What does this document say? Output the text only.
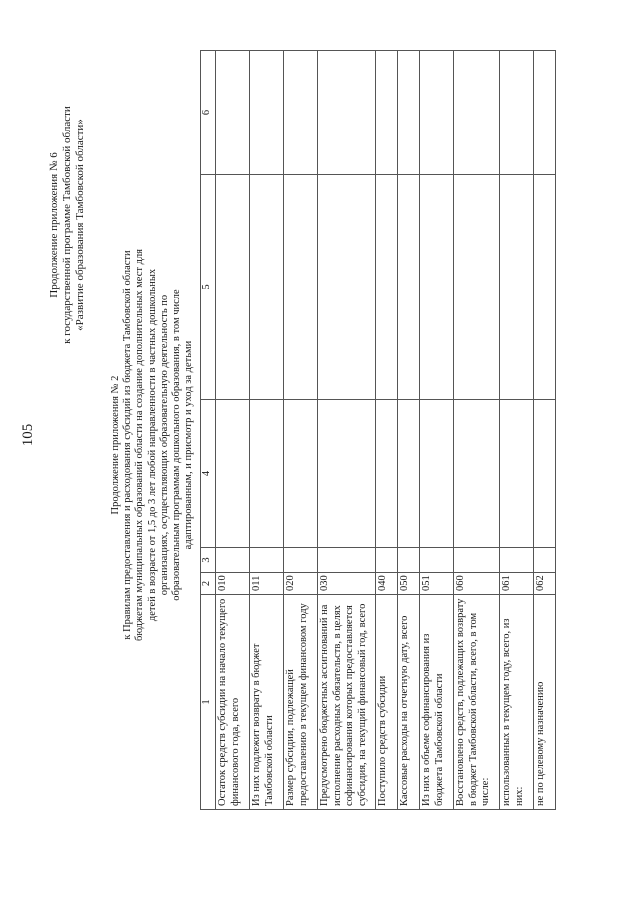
105
Продолжение приложения № 6 к государственной программе Тамбовской области «Развитие образования Тамбовской области»
Продолжение приложения № 2 к Правилам предоставления и расходования субсидий из бюджета Тамбовской области бюджетам муниципальных образований области на создание дополнительных мест для детей в возрасте от 1,5 до 3 лет любой направленности в частных дошкольных организациях, осуществляющих образовательную деятельность по образовательным программам дошкольного образования, в том числе адаптированным, и присмотр и уход за детьми
1	2	3	4	5	6
Остаток средств субсидии на начало текущего финансового года, всего	010				
Из них подлежит возврату в бюджет Тамбовской области	011				
Размер субсидии, подлежащей предоставлению в текущем финансовом году	020				
Предусмотрено бюджетных ассигнований на исполнение расходных обязательств, в целях софинансирования которых предоставляется субсидия, на текущий финансовый год, всего	030				
Поступило средств субсидии	040				
Кассовые расходы на отчетную дату, всего	050				
Из них в объеме софинансирования из бюджета Тамбовской области	051				
Восстановлено средств, подлежащих возврату в бюджет Тамбовской области, всего, в том числе:	060				
использованных в текущем году, всего, из них:	061				
не по целевому назначению	062				
